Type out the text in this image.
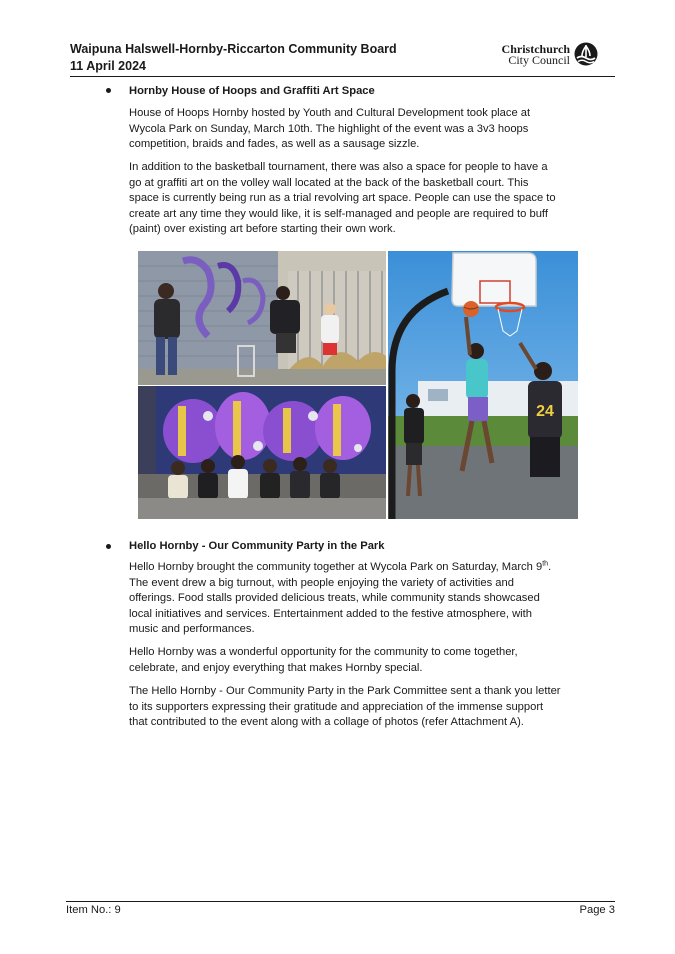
Waipuna Halswell-Hornby-Riccarton Community Board
11 April 2024
Christchurch
City Council
Hornby House of Hoops and Graffiti Art Space
House of Hoops Hornby hosted by Youth and Cultural Development took place at
Wycola Park on Sunday, March 10th. The highlight of the event was a 3v3 hoops
competition, braids and fades, as well as a sausage sizzle.
In addition to the basketball tournament, there was also a space for people to have a
go at graffiti art on the volley wall located at the back of the basketball court. This
space is currently being run as a trial revolving art space. People can use the space to
create art any time they would like, it is self-managed and people are required to buff
(paint) over existing art before starting their own work.
24
Hello Hornby - Our Community Party in the Park
Hello Hornby brought the community together at Wycola Park on Saturday, March 9th.
The event drew a big turnout, with people enjoying the variety of activities and
offerings. Food stalls provided delicious treats, while community stands showcased
local initiatives and services. Entertainment added to the festive atmosphere, with
music and performances.
Hello Hornby was a wonderful opportunity for the community to come together,
celebrate, and enjoy everything that makes Hornby special.
The Hello Hornby - Our Community Party in the Park Committee sent a thank you letter
to its supporters expressing their gratitude and appreciation of the immense support
that contributed to the event along with a collage of photos (refer Attachment A).
Item No.: 9	Page 3
